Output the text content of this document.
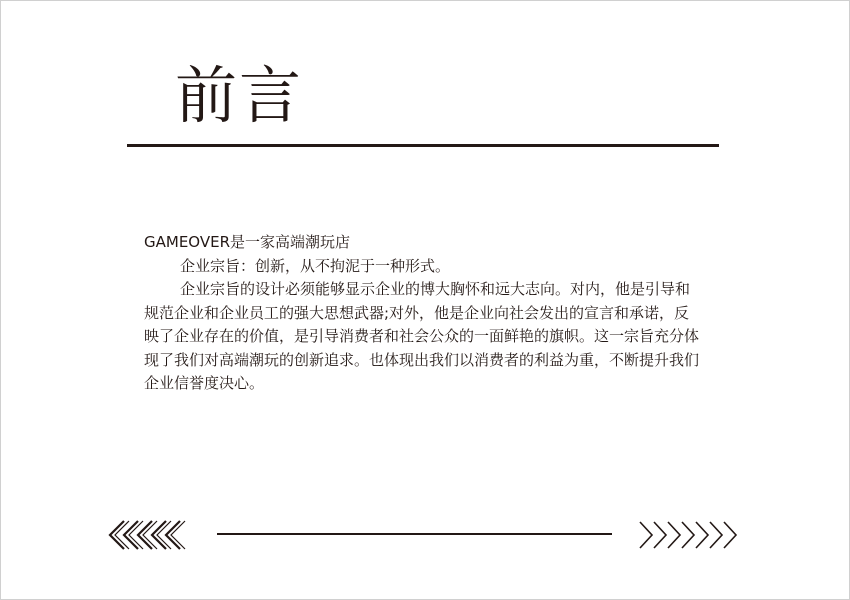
前言

GAMEOVER是一家高端潮玩店

企业宗旨：创新，从不拘泥于一种形式。

企业宗旨的设计必须能够显示企业的博大胸怀和远大志向。对内，他是引导和规范企业和企业员工的强大思想武器;对外，他是企业向社会发出的宣言和承诺，反映了企业存在的价值，是引导消费者和社会公众的一面鲜艳的旗帜。这一宗旨充分体现了我们对高端潮玩的创新追求。也体现出我们以消费者的利益为重，不断提升我们企业信誉度决心。
